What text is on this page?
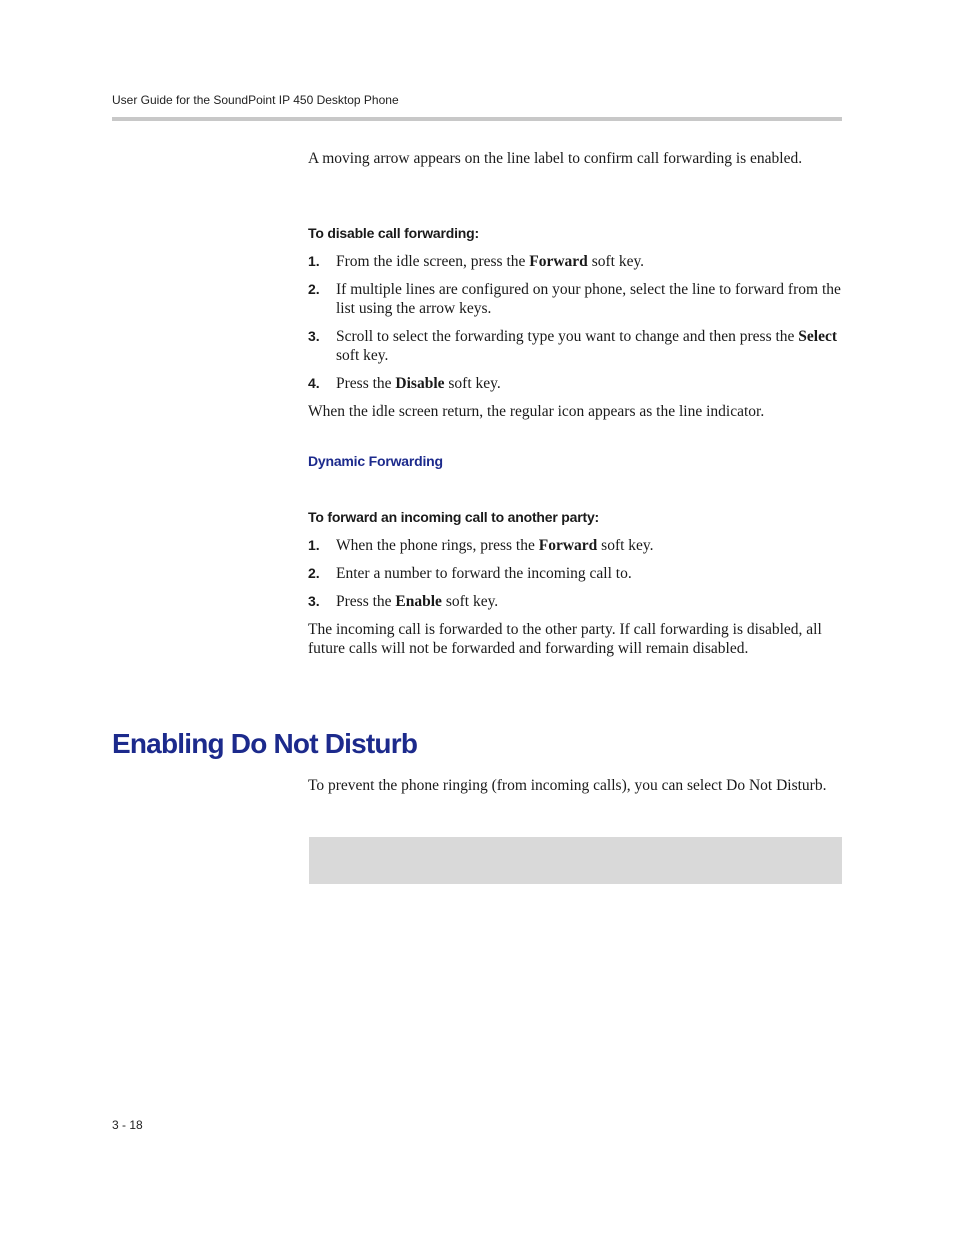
User Guide for the SoundPoint IP 450 Desktop Phone

A moving arrow appears on the line label to confirm call forwarding is enabled.

To disable call forwarding:
1.	From the idle screen, press the Forward soft key.
2.	If multiple lines are configured on your phone, select the line to forward from the list using the arrow keys.
3.	Scroll to select the forwarding type you want to change and then press the Select soft key.
4.	Press the Disable soft key.

When the idle screen return, the regular icon appears as the line indicator.

Dynamic Forwarding
To forward an incoming call to another party:
1.	When the phone rings, press the Forward soft key.
2.	Enter a number to forward the incoming call to.
3.	Press the Enable soft key.

The incoming call is forwarded to the other party. If call forwarding is disabled, all future calls will not be forwarded and forwarding will remain disabled.

Enabling Do Not Disturb

To prevent the phone ringing (from incoming calls), you can select Do Not Disturb.

3 - 18
